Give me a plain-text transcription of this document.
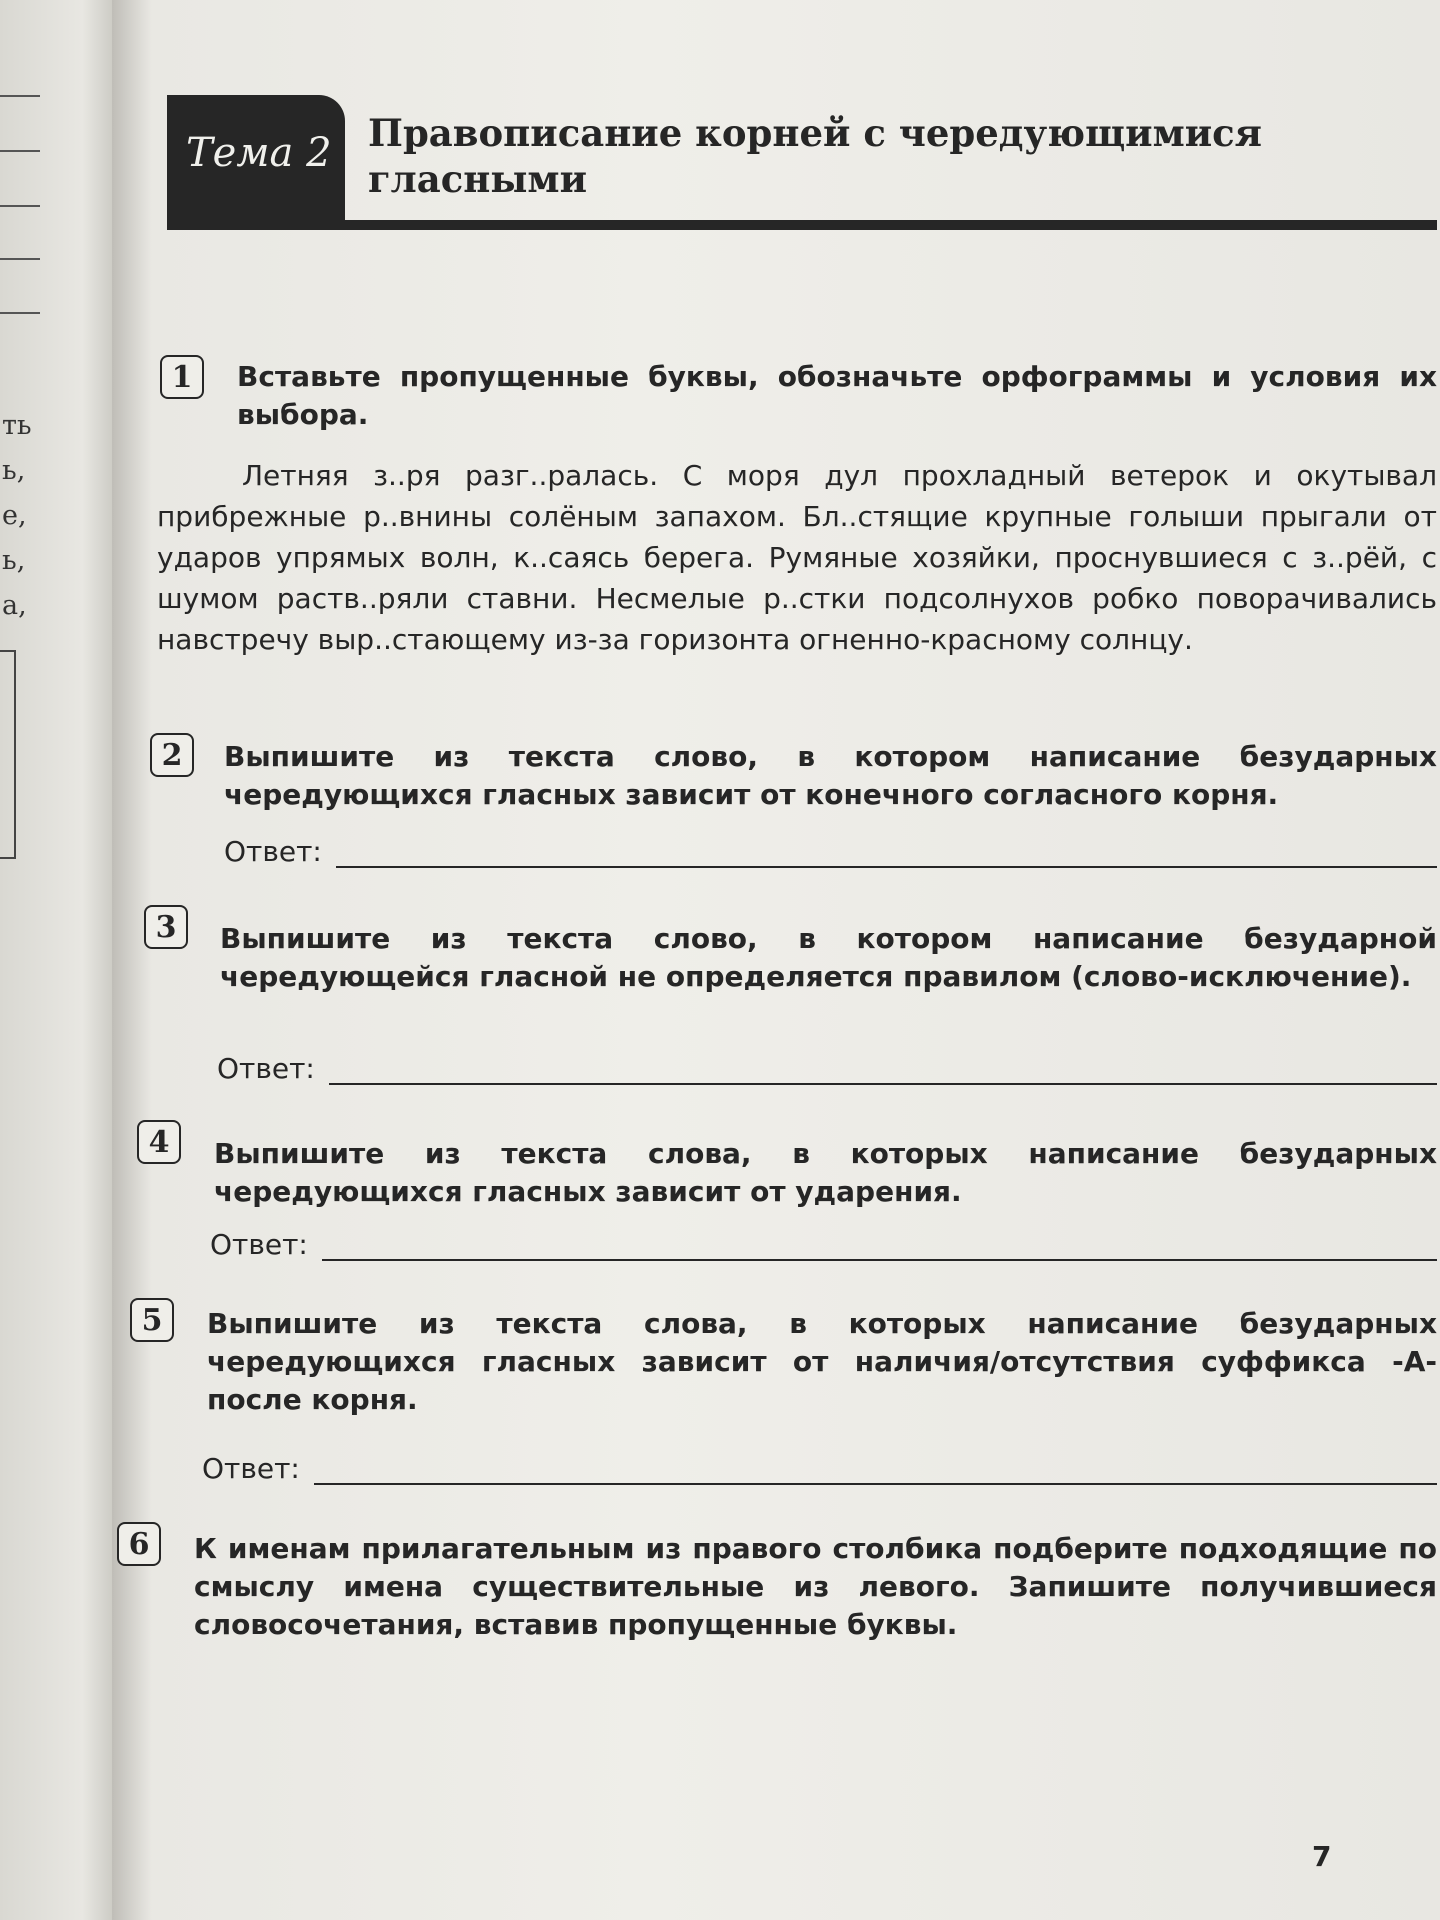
ть
ь,
е,
ь,
а,
Тема 2 Правописание корней с чередующимися гласными
1	Вставьте пропущенные буквы, обозначьте орфограммы и условия их выбора.
Летняя з..ря разг..ралась. С моря дул прохладный ветерок и окутывал прибрежные р..внины солёным запахом. Бл..стящие крупные голыши прыгали от ударов упрямых волн, к..саясь берега. Румяные хозяйки, проснувшиеся с з..рёй, с шумом раств..ряли ставни. Несмелые р..стки подсолнухов робко поворачивались навстречу выр..стающему из-за горизонта огненно-красному солнцу.
2	Выпишите из текста слово, в котором написание безударных чередующихся гласных зависит от конечного согласного корня.
Ответ:
3	Выпишите из текста слово, в котором написание безударной чередующейся гласной не определяется правилом (слово-исключение).
Ответ:
4	Выпишите из текста слова, в которых написание безударных чередующихся гласных зависит от ударения.
Ответ:
5	Выпишите из текста слова, в которых написание безударных чередующихся гласных зависит от наличия/отсутствия суффикса -А- после корня.
Ответ:
6	К именам прилагательным из правого столбика подберите подходящие по смыслу имена существительные из левого. Запишите получившиеся словосочетания, вставив пропущенные буквы.
7
